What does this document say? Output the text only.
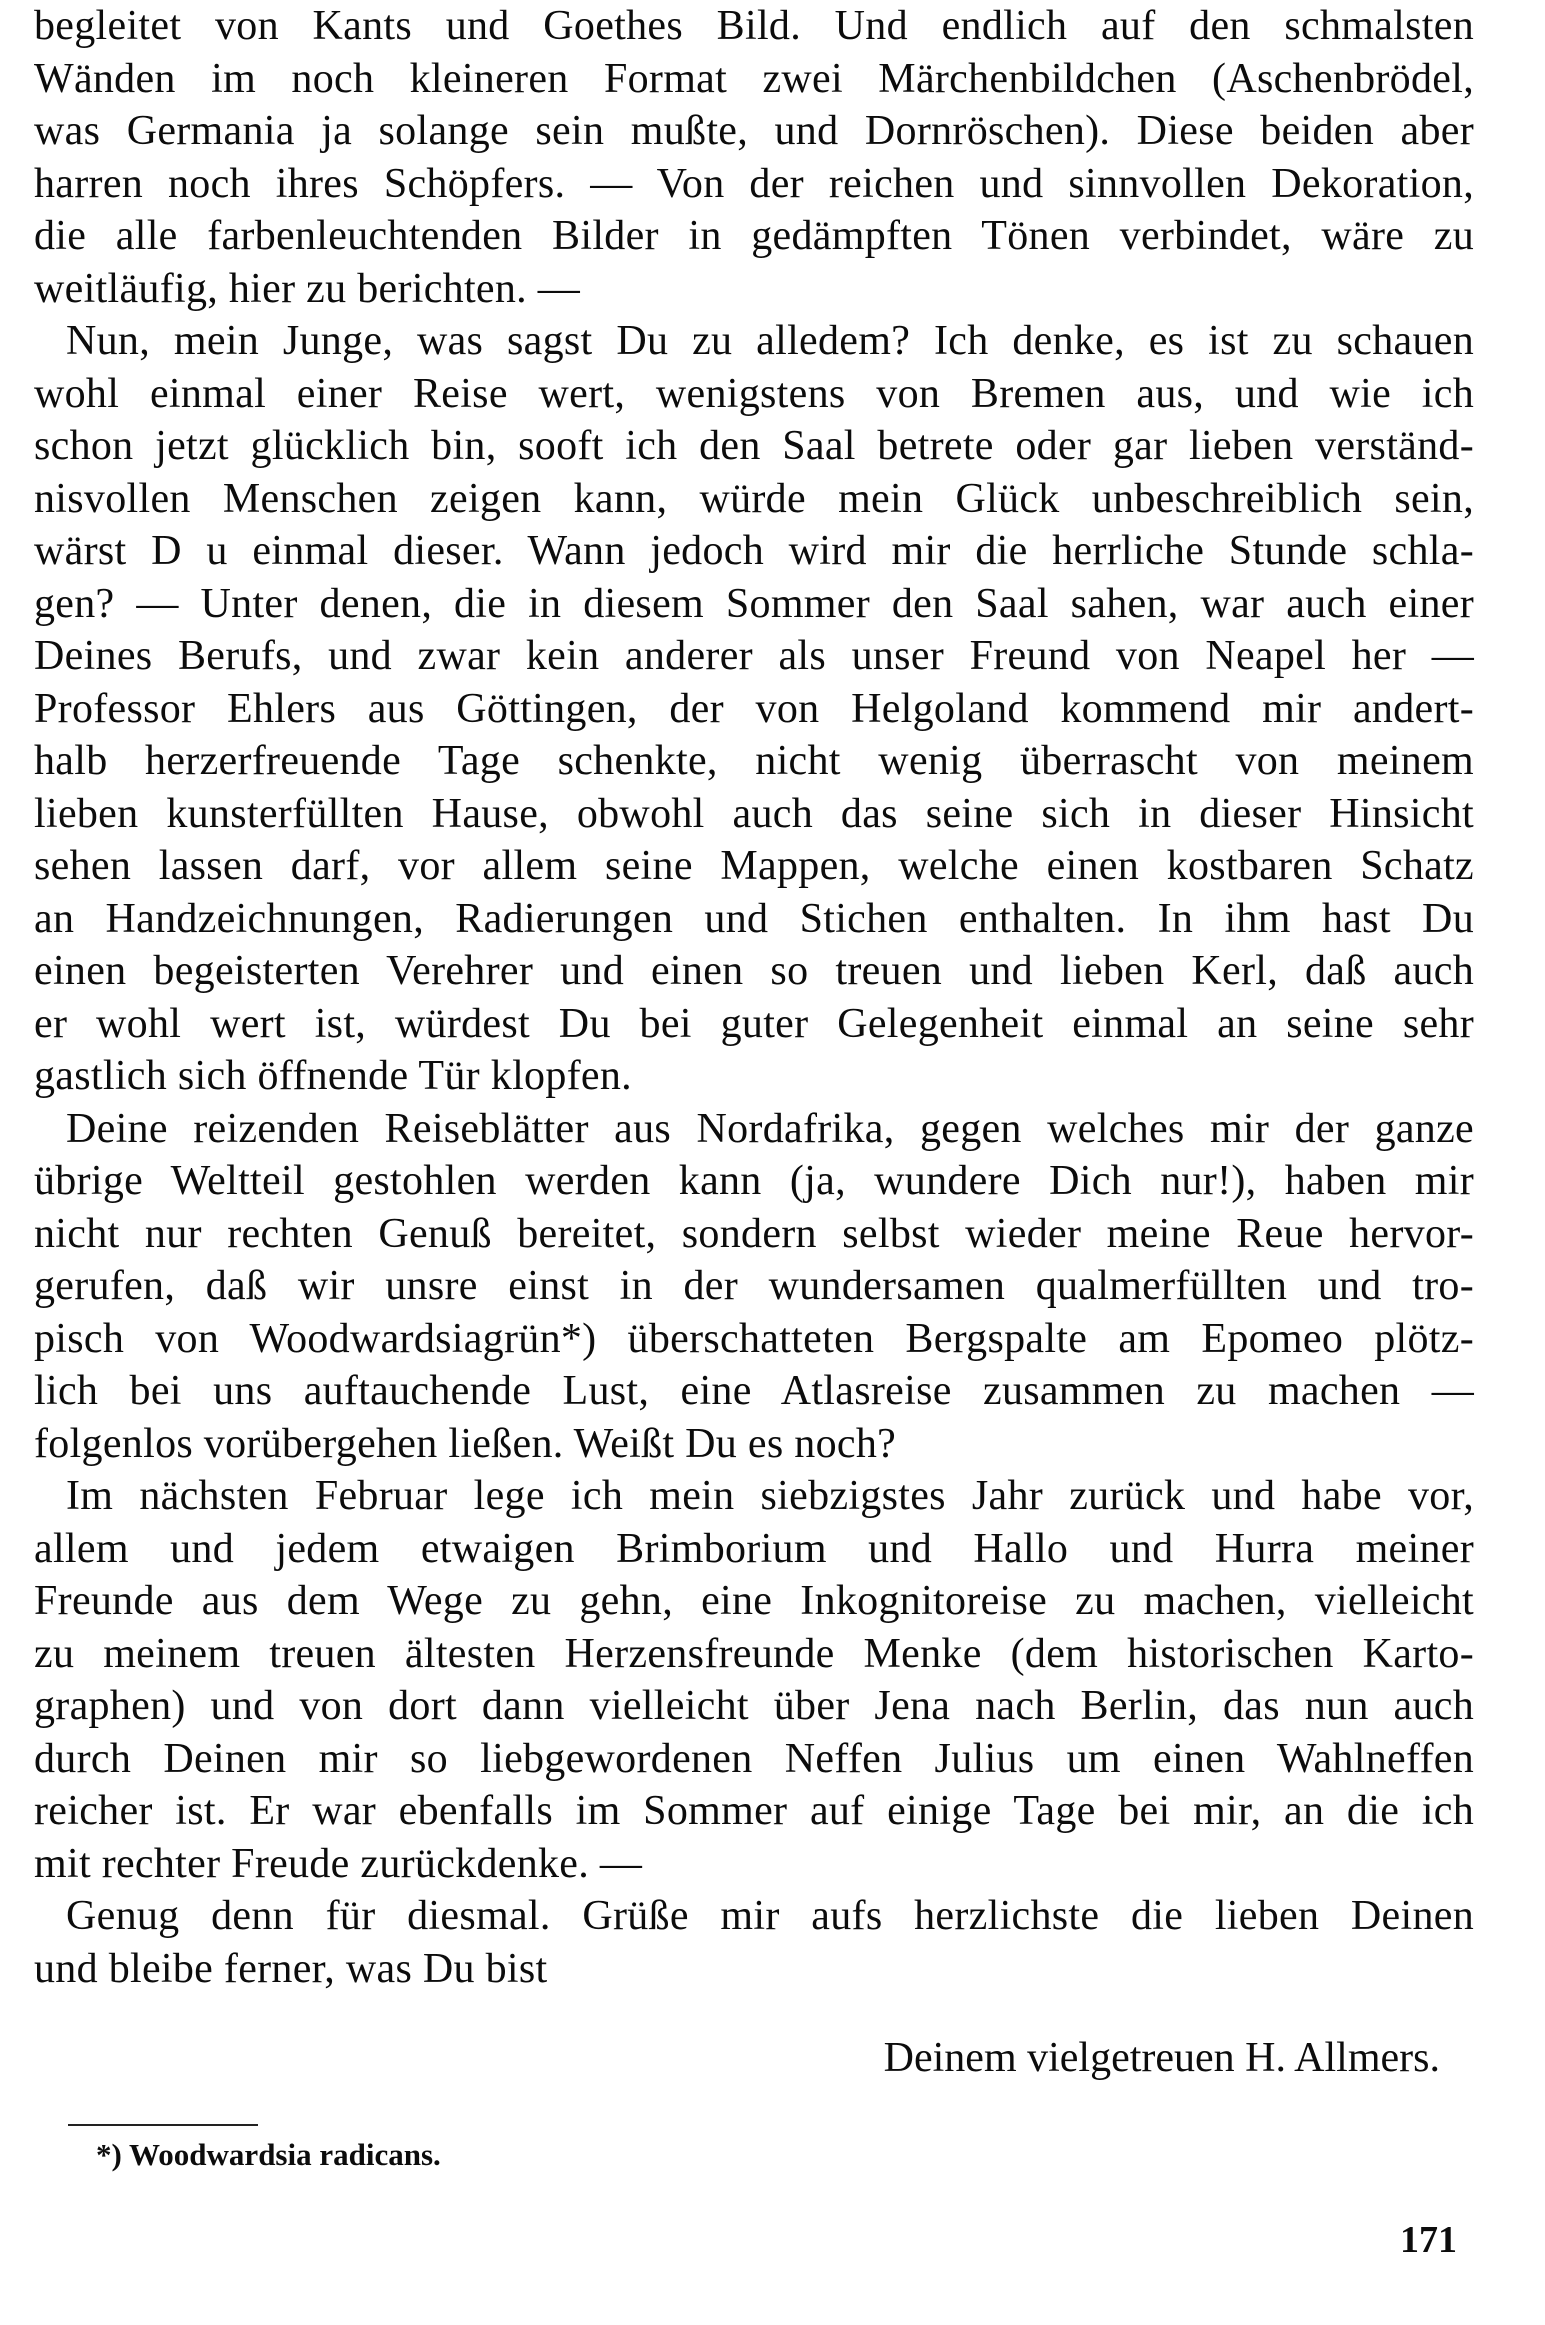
begleitet von Kants und Goethes Bild. Und endlich auf den schmalsten
Wänden im noch kleineren Format zwei Märchenbildchen (Aschenbrödel,
was Germania ja solange sein mußte, und Dornröschen). Diese beiden aber
harren noch ihres Schöpfers. — Von der reichen und sinnvollen Dekoration,
die alle farbenleuchtenden Bilder in gedämpften Tönen verbindet, wäre zu
weitläufig, hier zu berichten. —
Nun, mein Junge, was sagst Du zu alledem? Ich denke, es ist zu schauen
wohl einmal einer Reise wert, wenigstens von Bremen aus, und wie ich
schon jetzt glücklich bin, sooft ich den Saal betrete oder gar lieben verständ-
nisvollen Menschen zeigen kann, würde mein Glück unbeschreiblich sein,
wärst D u einmal dieser. Wann jedoch wird mir die herrliche Stunde schla-
gen? — Unter denen, die in diesem Sommer den Saal sahen, war auch einer
Deines Berufs, und zwar kein anderer als unser Freund von Neapel her —
Professor Ehlers aus Göttingen, der von Helgoland kommend mir andert-
halb herzerfreuende Tage schenkte, nicht wenig überrascht von meinem
lieben kunsterfüllten Hause, obwohl auch das seine sich in dieser Hinsicht
sehen lassen darf, vor allem seine Mappen, welche einen kostbaren Schatz
an Handzeichnungen, Radierungen und Stichen enthalten. In ihm hast Du
einen begeisterten Verehrer und einen so treuen und lieben Kerl, daß auch
er wohl wert ist, würdest Du bei guter Gelegenheit einmal an seine sehr
gastlich sich öffnende Tür klopfen.
Deine reizenden Reiseblätter aus Nordafrika, gegen welches mir der ganze
übrige Weltteil gestohlen werden kann (ja, wundere Dich nur!), haben mir
nicht nur rechten Genuß bereitet, sondern selbst wieder meine Reue hervor-
gerufen, daß wir unsre einst in der wundersamen qualmerfüllten und tro-
pisch von Woodwardsiagrün*) überschatteten Bergspalte am Epomeo plötz-
lich bei uns auftauchende Lust, eine Atlasreise zusammen zu machen —
folgenlos vorübergehen ließen. Weißt Du es noch?
Im nächsten Februar lege ich mein siebzigstes Jahr zurück und habe vor,
allem und jedem etwaigen Brimborium und Hallo und Hurra meiner
Freunde aus dem Wege zu gehn, eine Inkognitoreise zu machen, vielleicht
zu meinem treuen ältesten Herzensfreunde Menke (dem historischen Karto-
graphen) und von dort dann vielleicht über Jena nach Berlin, das nun auch
durch Deinen mir so liebgewordenen Neffen Julius um einen Wahlneffen
reicher ist. Er war ebenfalls im Sommer auf einige Tage bei mir, an die ich
mit rechter Freude zurückdenke. —
Genug denn für diesmal. Grüße mir aufs herzlichste die lieben Deinen
und bleibe ferner, was Du bist
Deinem vielgetreuen H. Allmers.
*) Woodwardsia radicans.
171
